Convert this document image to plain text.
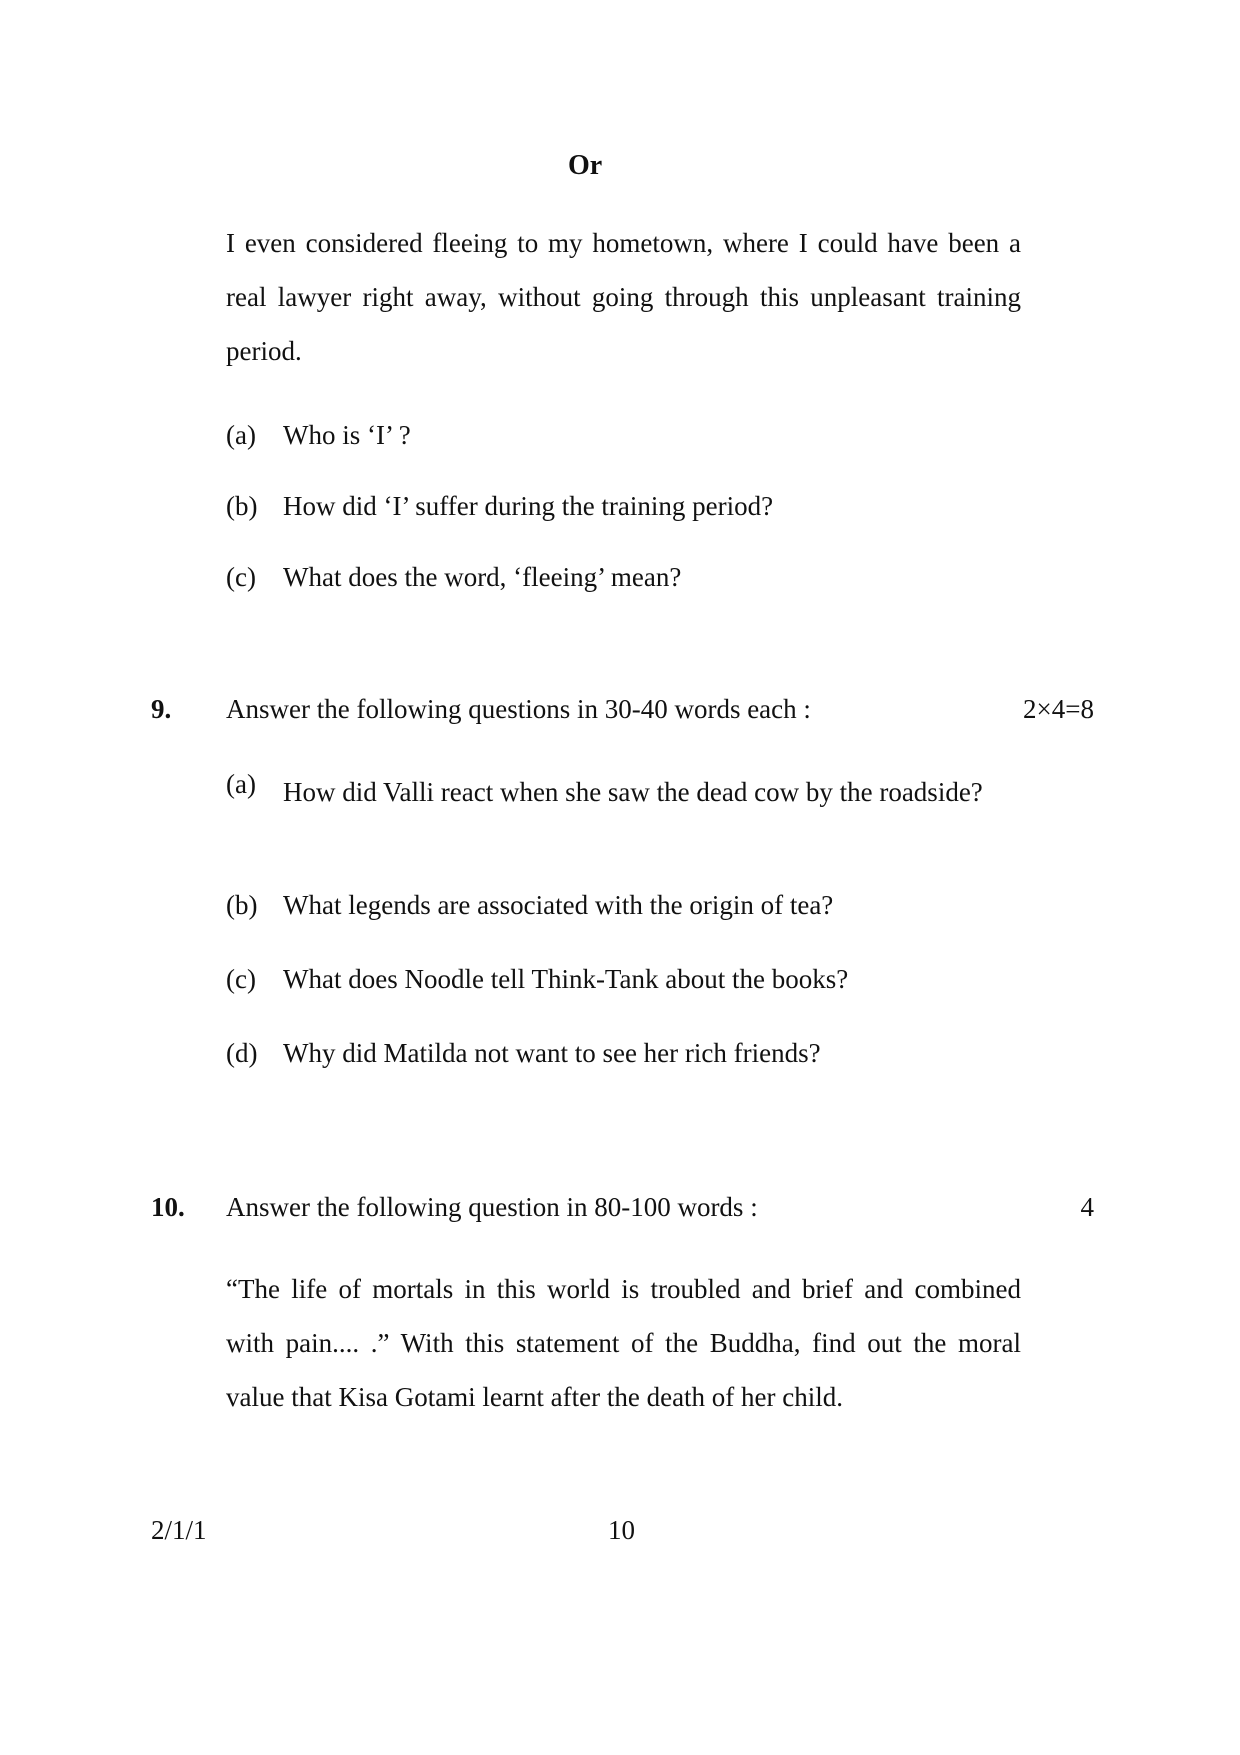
Or
I even considered fleeing to my hometown, where I could have been a real lawyer right away, without going through this unpleasant training period.
(a) Who is ‘I’ ?
(b) How did ‘I’ suffer during the training period?
(c) What does the word, ‘fleeing’ mean?
9. Answer the following questions in 30-40 words each :	2×4=8
(a) How did Valli react when she saw the dead cow by the roadside?
(b) What legends are associated with the origin of tea?
(c) What does Noodle tell Think-Tank about the books?
(d) Why did Matilda not want to see her rich friends?
10. Answer the following question in 80-100 words :	4
“The life of mortals in this world is troubled and brief and combined with pain.... .” With this statement of the Buddha, find out the moral value that Kisa Gotami learnt after the death of her child.
2/1/1	10
